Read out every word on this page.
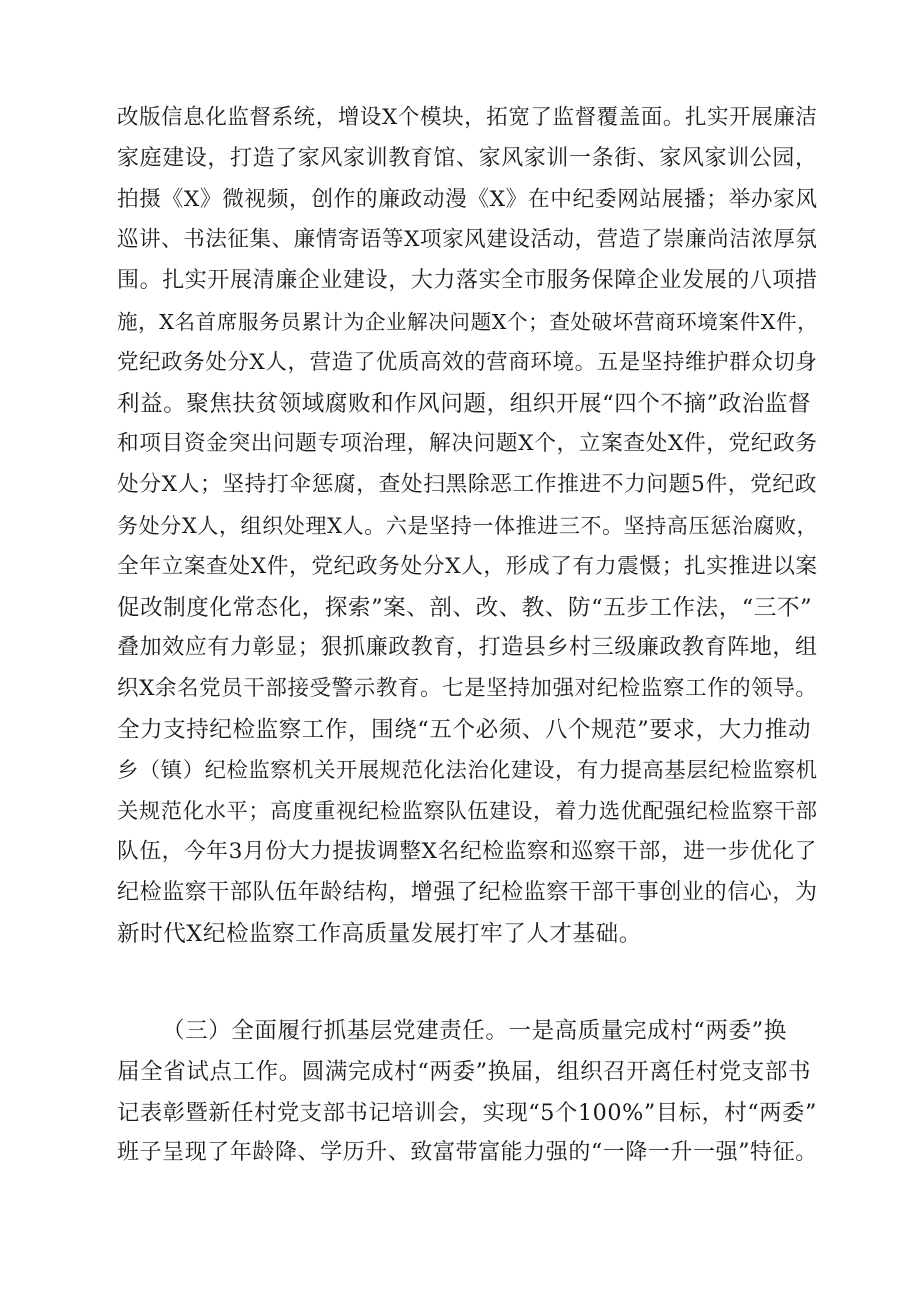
改版信息化监督系统，增设X个模块，拓宽了监督覆盖面。扎实开展廉洁
家庭建设，打造了家风家训教育馆、家风家训一条街、家风家训公园，
拍摄《X》微视频，创作的廉政动漫《X》在中纪委网站展播；举办家风
巡讲、书法征集、廉情寄语等X项家风建设活动，营造了崇廉尚洁浓厚氛
围。扎实开展清廉企业建设，大力落实全市服务保障企业发展的八项措
施，X名首席服务员累计为企业解决问题X个；查处破坏营商环境案件X件，
党纪政务处分X人，营造了优质高效的营商环境。五是坚持维护群众切身
利益。聚焦扶贫领域腐败和作风问题，组织开展“四个不摘”政治监督
和项目资金突出问题专项治理，解决问题X个，立案查处X件，党纪政务
处分X人；坚持打伞惩腐，查处扫黑除恶工作推进不力问题5件，党纪政
务处分X人，组织处理X人。六是坚持一体推进三不。坚持高压惩治腐败，
全年立案查处X件，党纪政务处分X人，形成了有力震慑；扎实推进以案
促改制度化常态化，探索”案、剖、改、教、防“五步工作法，“三不”
叠加效应有力彰显；狠抓廉政教育，打造县乡村三级廉政教育阵地，组
织X余名党员干部接受警示教育。七是坚持加强对纪检监察工作的领导。
全力支持纪检监察工作，围绕“五个必须、八个规范”要求，大力推动
乡（镇）纪检监察机关开展规范化法治化建设，有力提高基层纪检监察机
关规范化水平；高度重视纪检监察队伍建设，着力选优配强纪检监察干部
队伍，今年3月份大力提拔调整X名纪检监察和巡察干部，进一步优化了
纪检监察干部队伍年龄结构，增强了纪检监察干部干事创业的信心，为
新时代X纪检监察工作高质量发展打牢了人才基础。
（三）全面履行抓基层党建责任。一是高质量完成村“两委”换
届全省试点工作。圆满完成村“两委”换届，组织召开离任村党支部书
记表彰暨新任村党支部书记培训会，实现“5个100%”目标，村“两委”
班子呈现了年龄降、学历升、致富带富能力强的“一降一升一强”特征。
